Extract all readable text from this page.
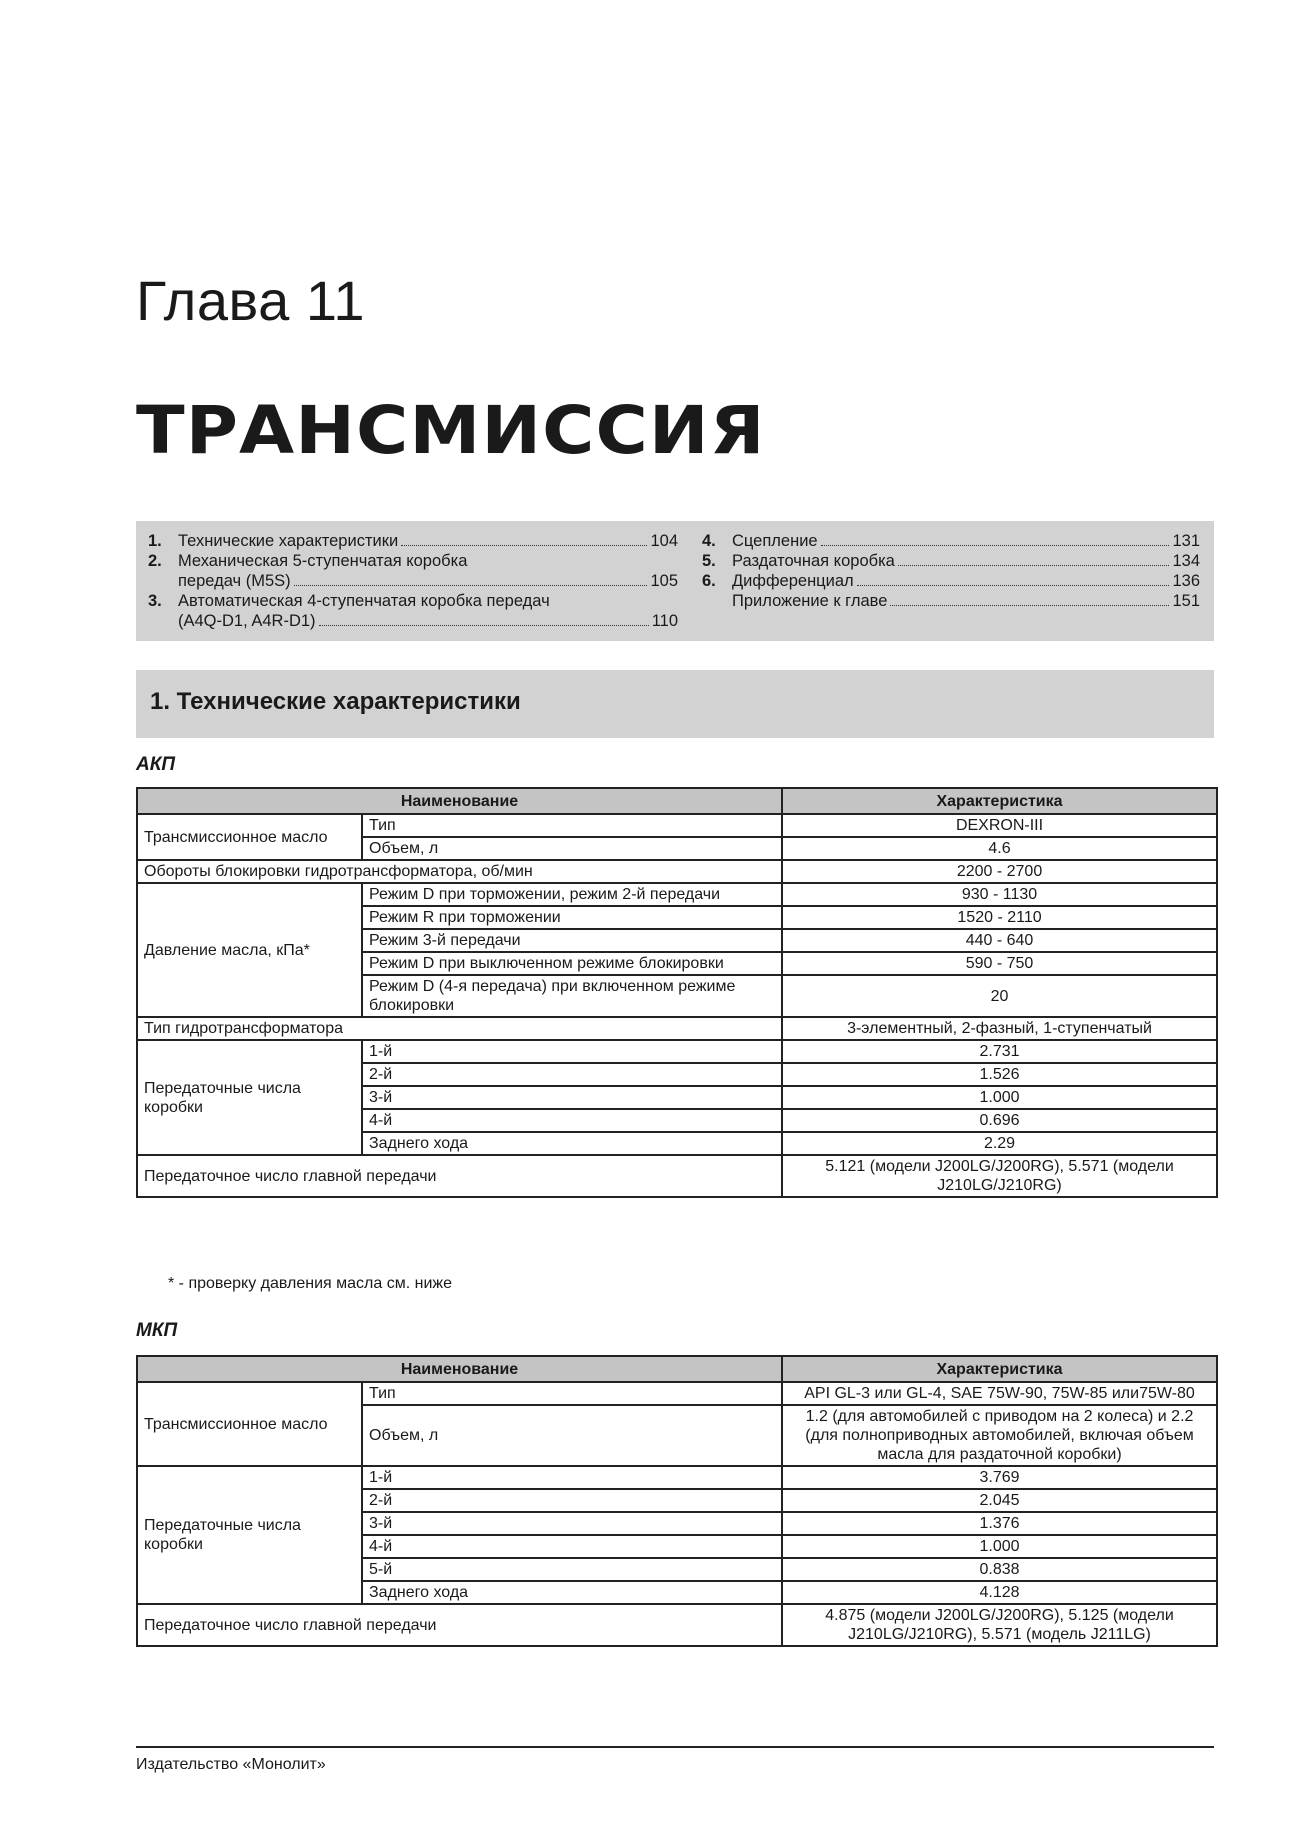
Глава 11
ТРАНСМИССИЯ
1. Технические характеристики	104
2. Механическая 5-ступенчатая коробка
передач (M5S)	105
3. Автоматическая 4-ступенчатая коробка передач
(A4Q-D1, A4R-D1)	110
4. Сцепление	131
5. Раздаточная коробка	134
6. Дифференциал	136
Приложение к главе	151
1. Технические характеристики
АКП
Наименование		Характеристика
Трансмиссионное масло	Тип	DEXRON-III
	Объем, л	4.6
Обороты блокировки гидротрансформатора, об/мин		2200 - 2700
Давление масла, кПа*	Режим D при торможении, режим 2-й передачи	930 - 1130
	Режим R при торможении	1520 - 2110
	Режим 3-й передачи	440 - 640
	Режим D при выключенном режиме блокировки	590 - 750
	Режим D (4-я передача) при включенном режиме блокировки	20
Тип гидротрансформатора		3-элементный, 2-фазный, 1-ступенчатый
Передаточные числа коробки	1-й	2.731
	2-й	1.526
	3-й	1.000
	4-й	0.696
	Заднего хода	2.29
Передаточное число главной передачи		5.121 (модели J200LG/J200RG), 5.571 (модели J210LG/J210RG)
* - проверку давления масла см. ниже
МКП
Наименование		Характеристика
Трансмиссионное масло	Тип	API GL-3 или GL-4, SAE 75W-90, 75W-85 или75W-80
	Объем, л	1.2 (для автомобилей с приводом на 2 колеса) и 2.2 (для полноприводных автомобилей, включая объем масла для раздаточной коробки)
Передаточные числа коробки	1-й	3.769
	2-й	2.045
	3-й	1.376
	4-й	1.000
	5-й	0.838
	Заднего хода	4.128
Передаточное число главной передачи		4.875 (модели J200LG/J200RG), 5.125 (модели J210LG/J210RG), 5.571 (модель J211LG)
Издательство «Монолит»
